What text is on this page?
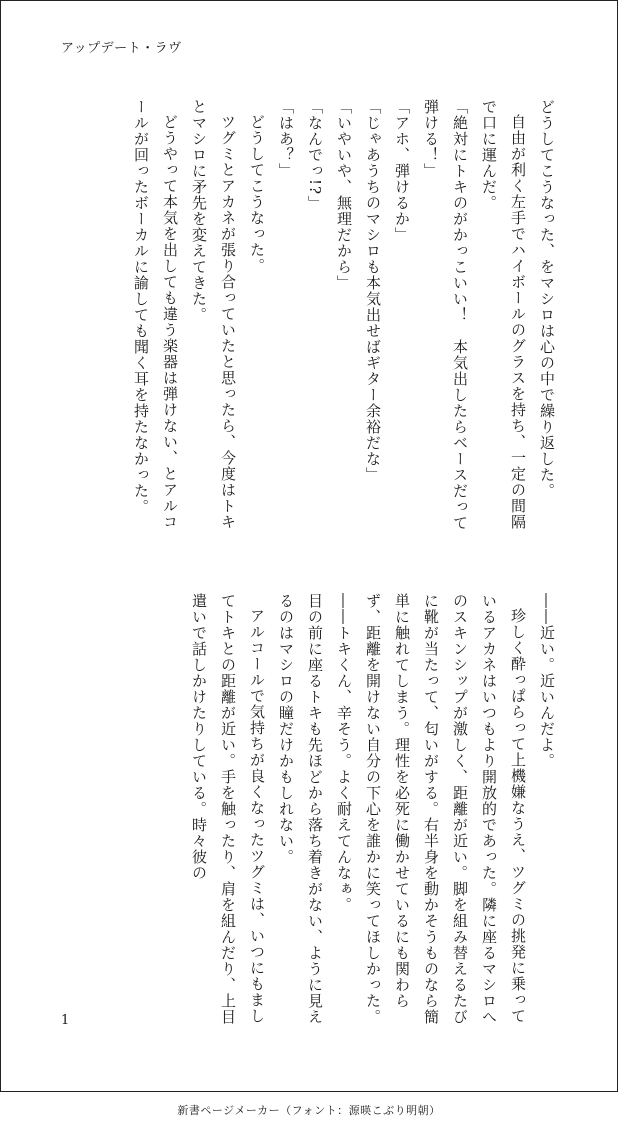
アップデート・ラヴ

どうしてこうなった、をマシロは心の中で繰り返した。

自由が利く左手でハイボールのグラスを持ち、一定の間隔で口に運んだ。

「絶対にトキのがかっこいい！　本気出したらベースだって弾ける！」

「アホ、弾けるか」

「じゃあうちのマシロも本気出せばギター余裕だな」

「いやいや、無理だから」

「なんでっ!?」

「はあ？」

どうしてこうなった。

ツグミとアカネが張り合っていたと思ったら、今度はトキとマシロに矛先を変えてきた。

どうやって本気を出しても違う楽器は弾けない、とアルコールが回ったボーカルに諭しても聞く耳を持たなかった。

――近い。近いんだよ。

珍しく酔っぱらって上機嫌なうえ、ツグミの挑発に乗っているアカネはいつもより開放的であった。隣に座るマシロへのスキンシップが激しく、距離が近い。脚を組み替えるたびに靴が当たって、匂いがする。右半身を動かそうものなら簡単に触れてしまう。理性を必死に働かせているにも関わらず、距離を開けない自分の下心を誰かに笑ってほしかった。

――トキくん、辛そう。よく耐えてんなぁ。

目の前に座るトキも先ほどから落ち着きがない、ように見えるのはマシロの瞳だけかもしれない。

アルコールで気持ちが良くなったツグミは、いつにもましてトキとの距離が近い。手を触ったり、肩を組んだり、上目遣いで話しかけたりしている。時々彼の

1
新書ページメーカー（フォント：源暎こぶり明朝）
